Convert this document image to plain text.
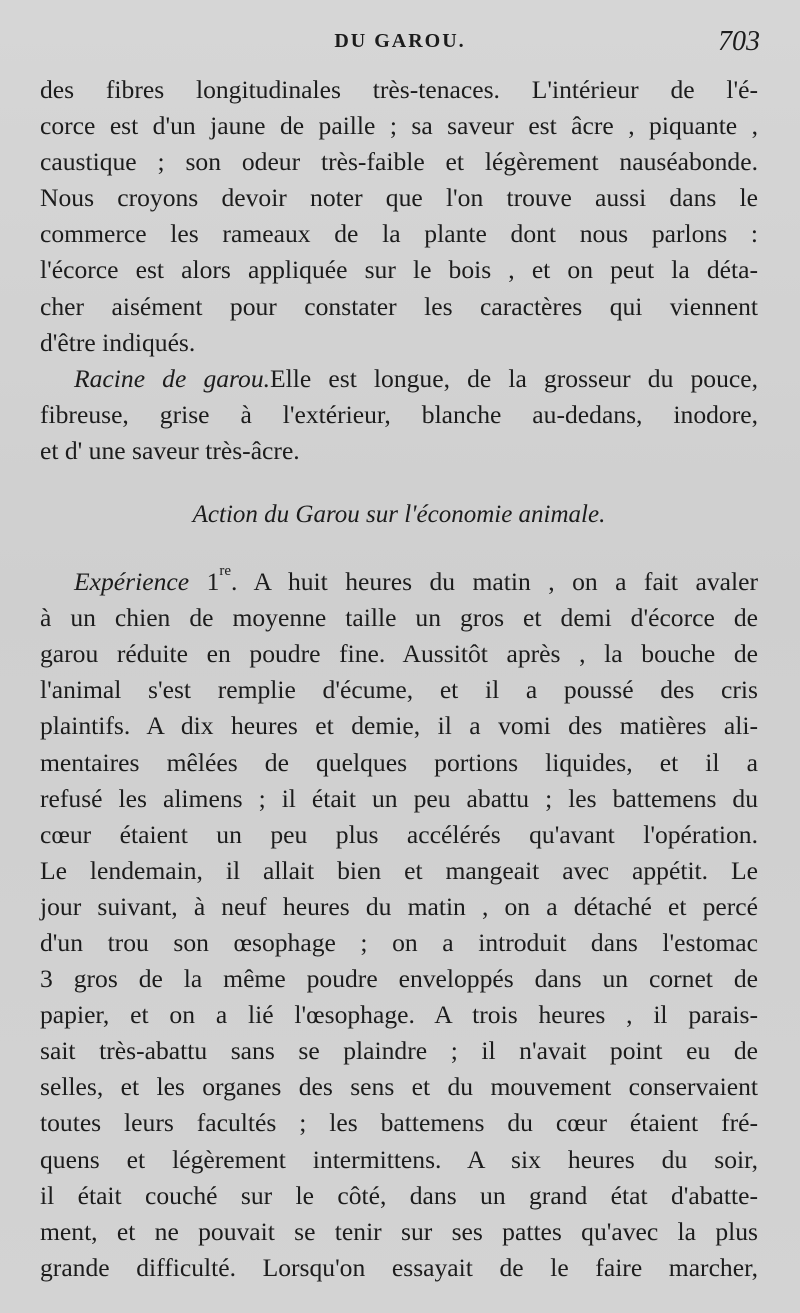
DU GAROU.	703
des fibres longitudinales très-tenaces. L'intérieur de l'é-
corce est d'un jaune de paille ; sa saveur est âcre , piquante ,
caustique ; son odeur très-faible et légèrement nauséabonde.
Nous croyons devoir noter que l'on trouve aussi dans le
commerce les rameaux de la plante dont nous parlons :
l'écorce est alors appliquée sur le bois , et on peut la déta-
cher aisément pour constater les caractères qui viennent
d'être indiqués.
Racine de garou.Elle est longue, de la grosseur du pouce,
fibreuse, grise à l'extérieur, blanche au-dedans, inodore,
et d' une saveur très-âcre.
Action du Garou sur l'économie animale.
Expérience 1re. A huit heures du matin , on a fait avaler
à un chien de moyenne taille un gros et demi d'écorce de
garou réduite en poudre fine. Aussitôt après , la bouche de
l'animal s'est remplie d'écume, et il a poussé des cris
plaintifs. A dix heures et demie, il a vomi des matières ali-
mentaires mêlées de quelques portions liquides, et il a
refusé les alimens ; il était un peu abattu ; les battemens du
cœur étaient un peu plus accélérés qu'avant l'opération.
Le lendemain, il allait bien et mangeait avec appétit. Le
jour suivant, à neuf heures du matin , on a détaché et percé
d'un trou son œsophage ; on a introduit dans l'estomac
3 gros de la même poudre enveloppés dans un cornet de
papier, et on a lié l'œsophage. A trois heures , il parais-
sait très-abattu sans se plaindre ; il n'avait point eu de
selles, et les organes des sens et du mouvement conservaient
toutes leurs facultés ; les battemens du cœur étaient fré-
quens et légèrement intermittens. A six heures du soir,
il était couché sur le côté, dans un grand état d'abatte-
ment, et ne pouvait se tenir sur ses pattes qu'avec la plus
grande difficulté. Lorsqu'on essayait de le faire marcher,
